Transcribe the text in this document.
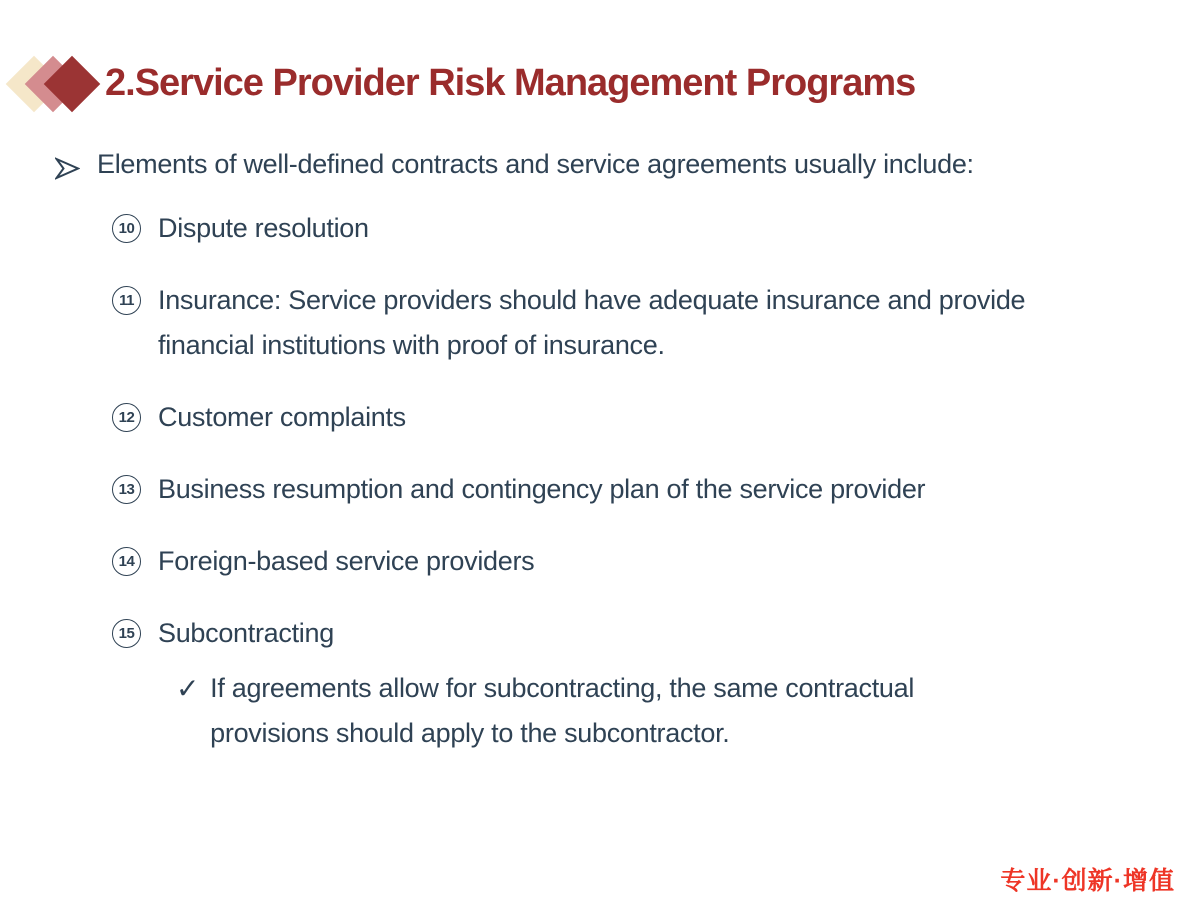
2.Service Provider Risk Management Programs
Elements of well-defined contracts and service agreements usually include:
10 Dispute resolution
11 Insurance: Service providers should have adequate insurance and provide financial institutions with proof of insurance.
12 Customer complaints
13 Business resumption and contingency plan of the service provider
14 Foreign-based service providers
15 Subcontracting
✓ If agreements allow for subcontracting, the same contractual provisions should apply to the subcontractor.
专业·创新·增值
